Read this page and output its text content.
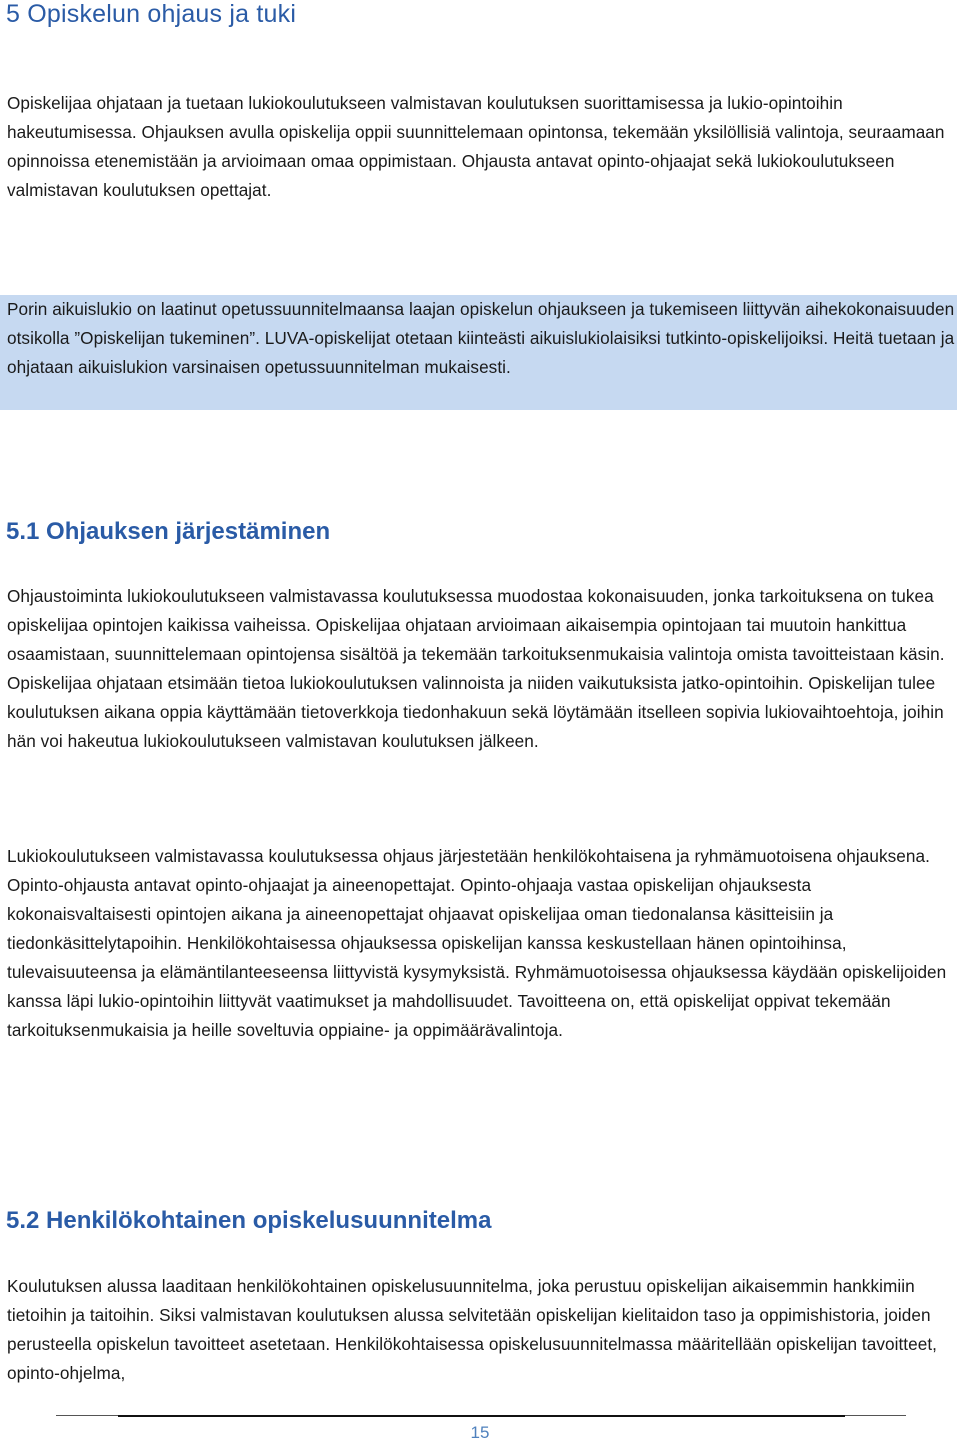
5 Opiskelun ohjaus ja tuki

Opiskelijaa ohjataan ja tuetaan lukiokoulutukseen valmistavan koulutuksen suorittamisessa ja lukio-opintoihin hakeutumisessa. Ohjauksen avulla opiskelija oppii suunnittelemaan opintonsa, tekemään yksilöllisiä valintoja, seuraamaan opinnoissa etenemistään ja arvioimaan omaa oppimistaan. Ohjausta antavat opinto-ohjaajat sekä lukiokoulutukseen valmistavan koulutuksen opettajat.

Porin aikuislukio on laatinut opetussuunnitelmaansa laajan opiskelun ohjaukseen ja tukemiseen liittyvän aihekokonaisuuden otsikolla ”Opiskelijan tukeminen”. LUVA-opiskelijat otetaan kiinteästi aikuislukiolaisiksi tutkinto-opiskelijoiksi. Heitä tuetaan ja ohjataan aikuislukion varsinaisen opetussuunnitelman mukaisesti.

5.1 Ohjauksen järjestäminen

Ohjaustoiminta lukiokoulutukseen valmistavassa koulutuksessa muodostaa kokonaisuuden, jonka tarkoituksena on tukea opiskelijaa opintojen kaikissa vaiheissa. Opiskelijaa ohjataan arvioimaan aikaisempia opintojaan tai muutoin hankittua osaamistaan, suunnittelemaan opintojensa sisältöä ja tekemään tarkoituksenmukaisia valintoja omista tavoitteistaan käsin. Opiskelijaa ohjataan etsimään tietoa lukiokoulutuksen valinnoista ja niiden vaikutuksista jatko-opintoihin. Opiskelijan tulee koulutuksen aikana oppia käyttämään tietoverkkoja tiedonhakuun sekä löytämään itselleen sopivia lukiovaihtoehtoja, joihin hän voi hakeutua lukiokoulutukseen valmistavan koulutuksen jälkeen.

Lukiokoulutukseen valmistavassa koulutuksessa ohjaus järjestetään henkilökohtaisena ja ryhmämuotoisena ohjauksena. Opinto-ohjausta antavat opinto-ohjaajat ja aineenopettajat. Opinto-ohjaaja vastaa opiskelijan ohjauksesta kokonaisvaltaisesti opintojen aikana ja aineenopettajat ohjaavat opiskelijaa oman tiedonalansa käsitteisiin ja tiedonkäsittelytapoihin. Henkilökohtaisessa ohjauksessa opiskelijan kanssa keskustellaan hänen opintoihinsa, tulevaisuuteensa ja elämäntilanteeseensa liittyvistä kysymyksistä. Ryhmämuotoisessa ohjauksessa käydään opiskelijoiden kanssa läpi lukio-opintoihin liittyvät vaatimukset ja mahdollisuudet. Tavoitteena on, että opiskelijat oppivat tekemään tarkoituksenmukaisia ja heille soveltuvia oppiaine- ja oppimäärävalintoja.

5.2 Henkilökohtainen opiskelusuunnitelma

Koulutuksen alussa laaditaan henkilökohtainen opiskelusuunnitelma, joka perustuu opiskelijan aikaisemmin hankkimiin tietoihin ja taitoihin. Siksi valmistavan koulutuksen alussa selvitetään opiskelijan kielitaidon taso ja oppimishistoria, joiden perusteella opiskelun tavoitteet asetetaan. Henkilökohtaisessa opiskelusuunnitelmassa määritellään opiskelijan tavoitteet, opinto-ohjelma,

15
